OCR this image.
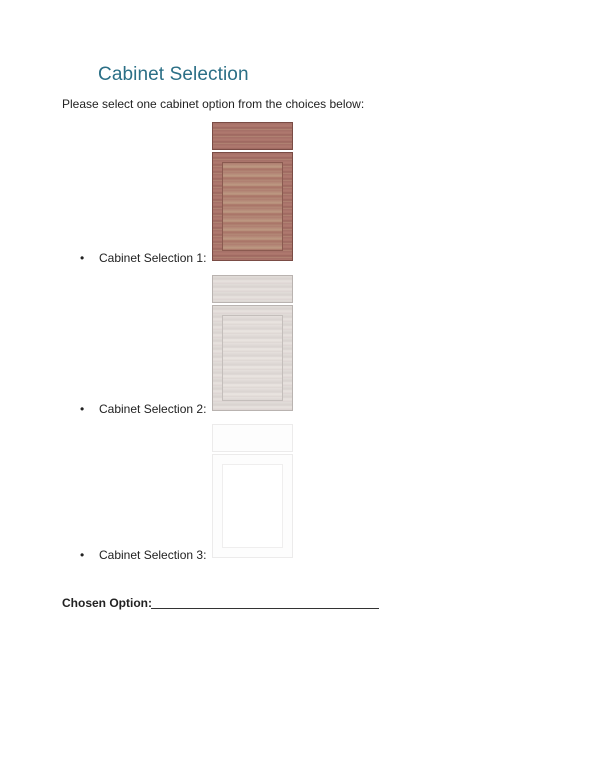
Cabinet Selection
Please select one cabinet option from the choices below:
• Cabinet Selection 1:
• Cabinet Selection 2:
• Cabinet Selection 3:
Chosen Option:
